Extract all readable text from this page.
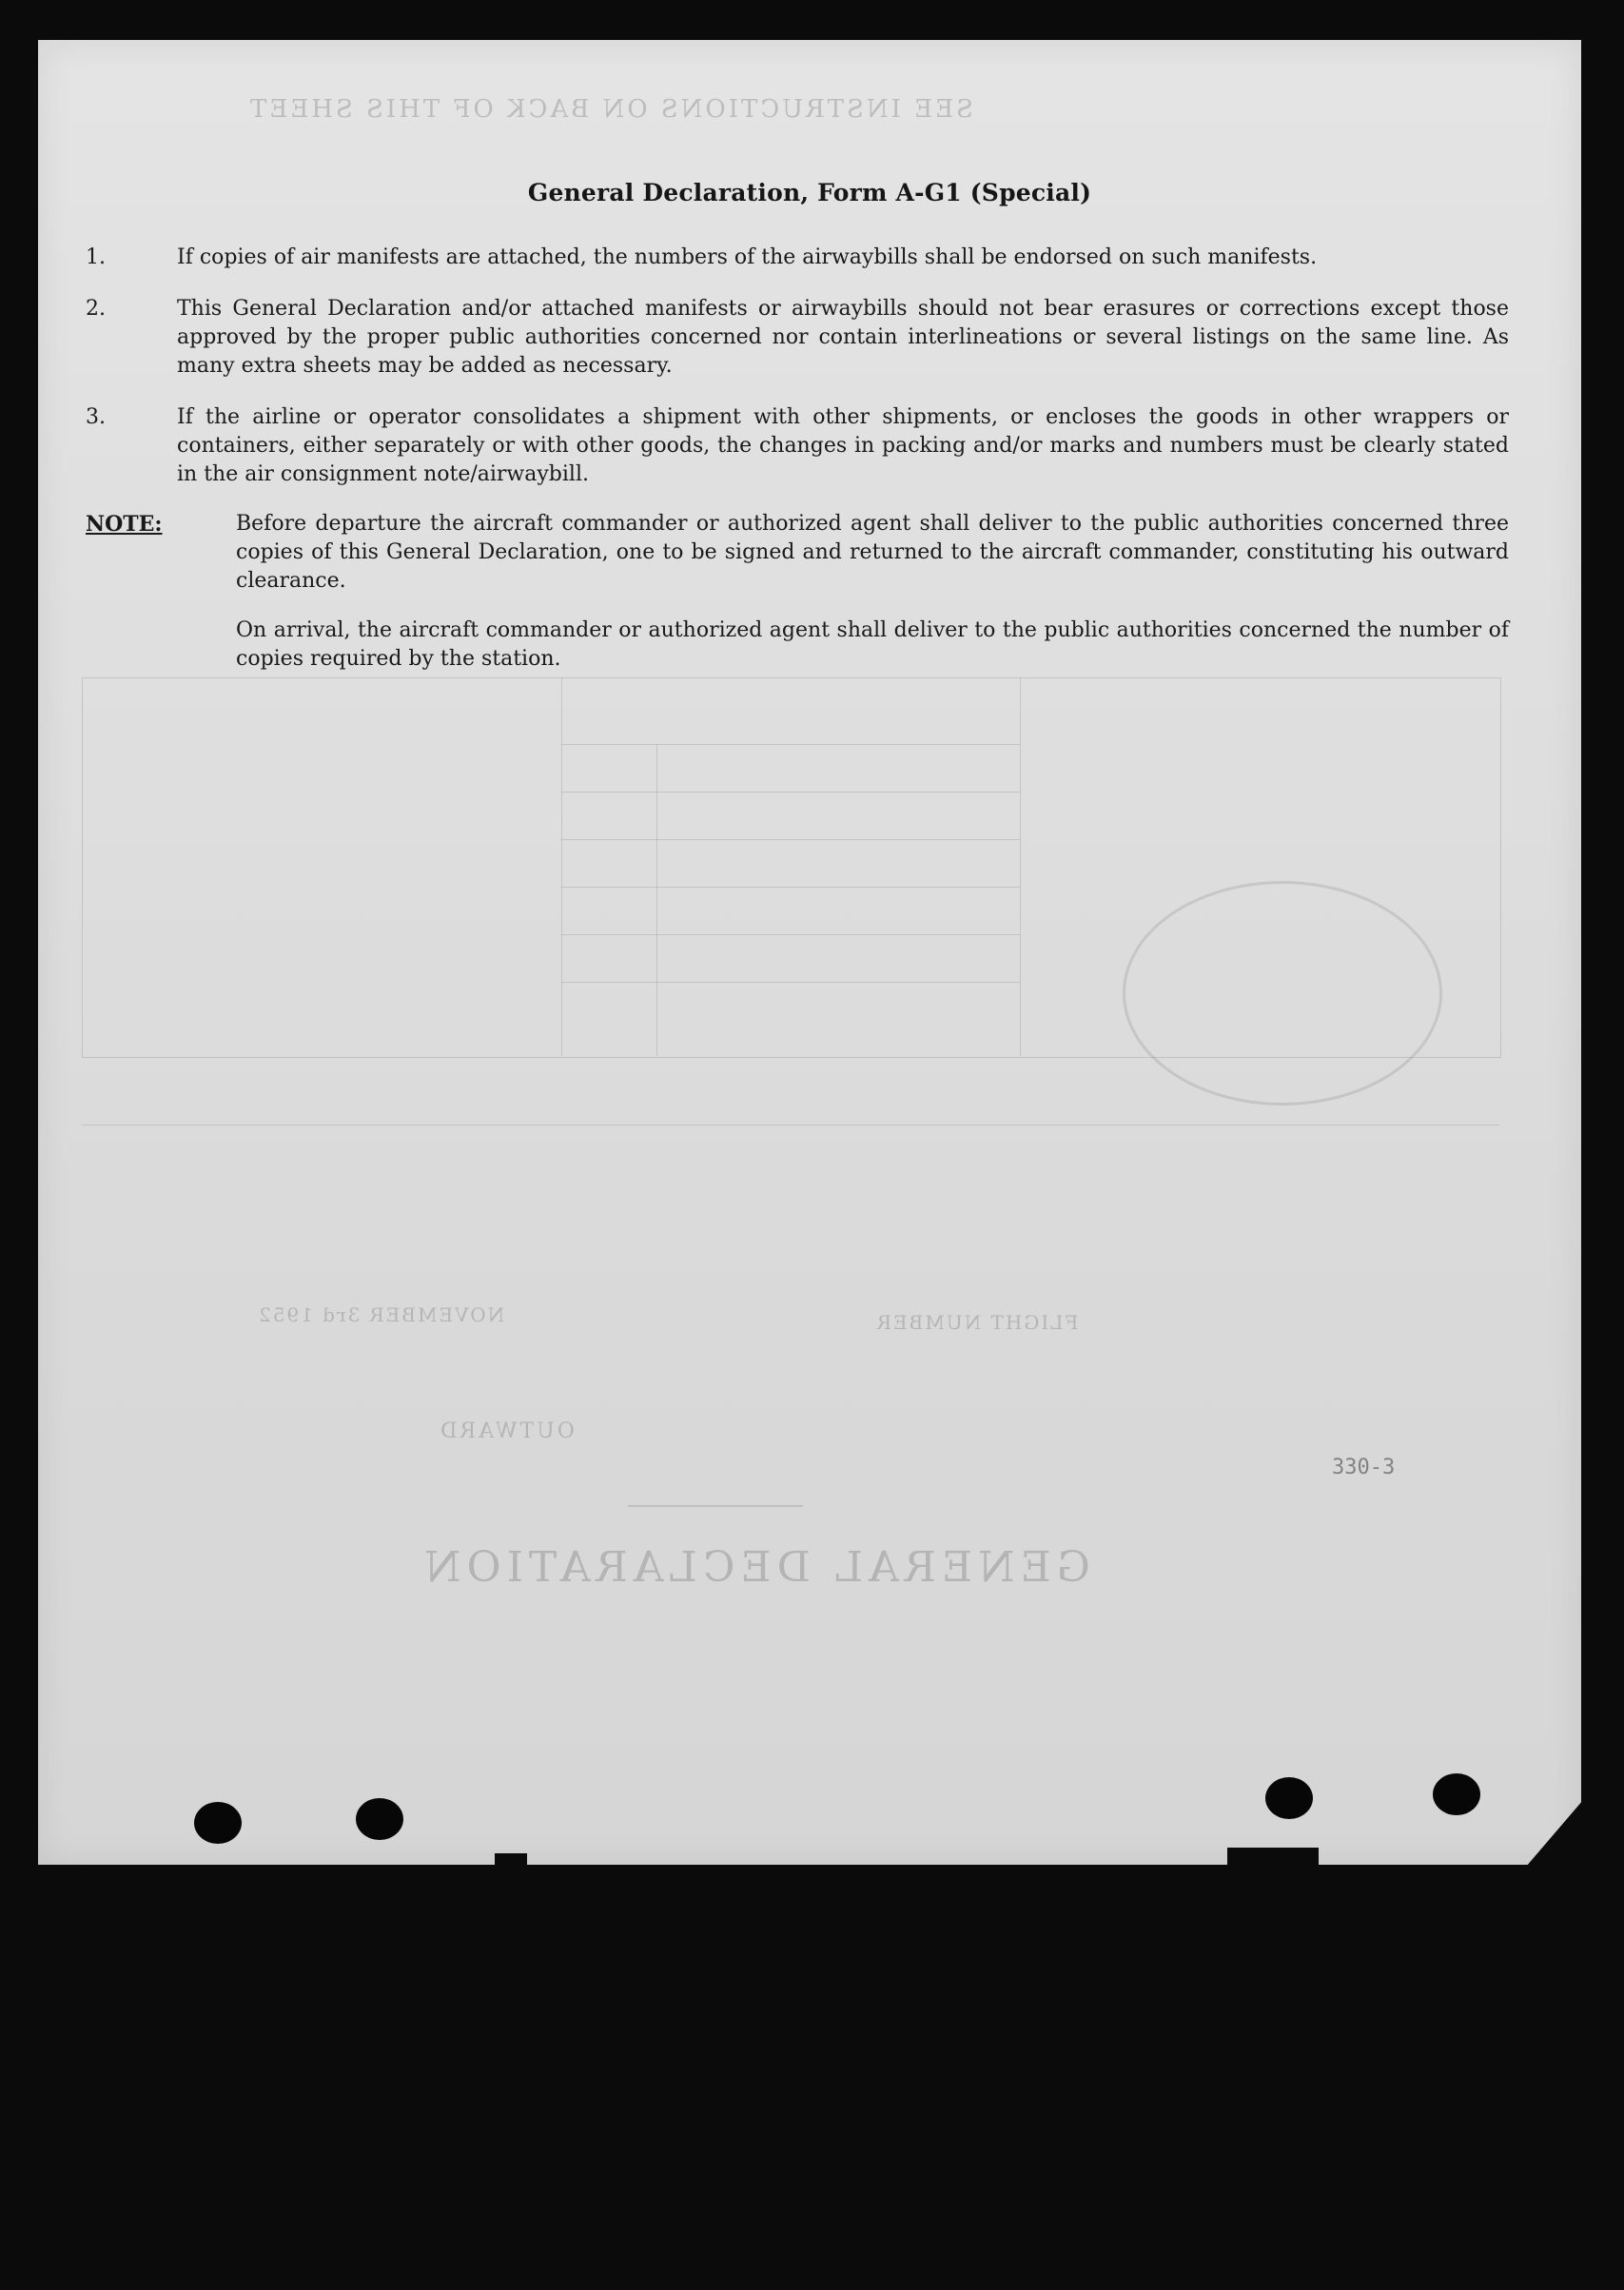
SEE INSTRUCTIONS ON BACK OF THIS SHEET
GENERAL DECLARATION
NOVEMBER 3rd 1952	FLIGHT NUMBER
OUTWARD
General Declaration, Form A-G1 (Special)
1.	If copies of air manifests are attached, the numbers of the airwaybills shall be endorsed on such manifests.
2.	This General Declaration and/or attached manifests or airwaybills should not bear erasures or corrections except those approved by the proper public authorities concerned nor contain interlineations or several listings on the same line. As many extra sheets may be added as necessary.
3.	If the airline or operator consolidates a shipment with other shipments, or encloses the goods in other wrappers or containers, either separately or with other goods, the changes in packing and/or marks and numbers must be clearly stated in the air consignment note/airwaybill.
NOTE:	Before departure the aircraft commander or authorized agent shall deliver to the public authorities concerned three copies of this General Declaration, one to be signed and returned to the aircraft commander, constituting his outward clearance.
On arrival, the aircraft commander or authorized agent shall deliver to the public authorities concerned the number of copies required by the station.
330-3
